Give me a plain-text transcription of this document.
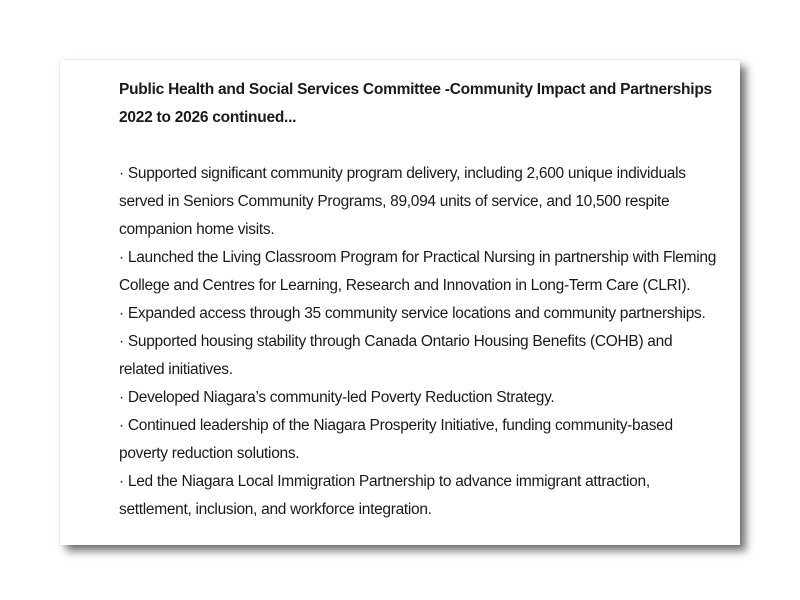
Public Health and Social Services Committee -Community Impact and Partnerships 2022 to 2026 continued...
· Supported significant community program delivery, including 2,600 unique individuals served in Seniors Community Programs, 89,094 units of service, and 10,500 respite companion home visits.
· Launched the Living Classroom Program for Practical Nursing in partnership with Fleming College and Centres for Learning, Research and Innovation in Long-Term Care (CLRI).
· Expanded access through 35 community service locations and community partnerships.
· Supported housing stability through Canada Ontario Housing Benefits (COHB) and related initiatives.
· Developed Niagara’s community-led Poverty Reduction Strategy.
· Continued leadership of the Niagara Prosperity Initiative, funding community-based poverty reduction solutions.
· Led the Niagara Local Immigration Partnership to advance immigrant attraction, settlement, inclusion, and workforce integration.
